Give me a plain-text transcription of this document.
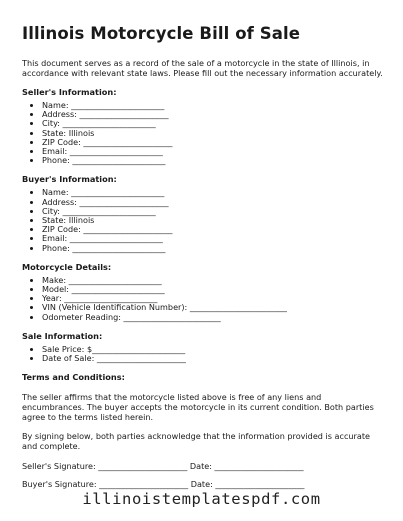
Illinois Motorcycle Bill of Sale

This document serves as a record of the sale of a motorcycle in the state of Illinois, in accordance with relevant state laws. Please fill out the necessary information accurately.

Seller's Information:
• Name: _______________________
• Address: ______________________
• City: _______________________
• State: Illinois
• ZIP Code: ______________________
• Email: _______________________
• Phone: _______________________
Buyer's Information:
• Name: _______________________
• Address: ______________________
• City: _______________________
• State: Illinois
• ZIP Code: ______________________
• Email: _______________________
• Phone: _______________________
Motorcycle Details:
• Make: _______________________
• Model: _______________________
• Year: _______________________
• VIN (Vehicle Identification Number): ________________________
• Odometer Reading: ________________________
Sale Information:
• Sale Price: $_______________________
• Date of Sale: ______________________
Terms and Conditions:

The seller affirms that the motorcycle listed above is free of any liens and encumbrances. The buyer accepts the motorcycle in its current condition. Both parties agree to the terms listed herein.

By signing below, both parties acknowledge that the information provided is accurate and complete.

Seller's Signature: ______________________ Date: ______________________
Buyer's Signature: ______________________ Date: ______________________
illinoistemplatespdf.com
